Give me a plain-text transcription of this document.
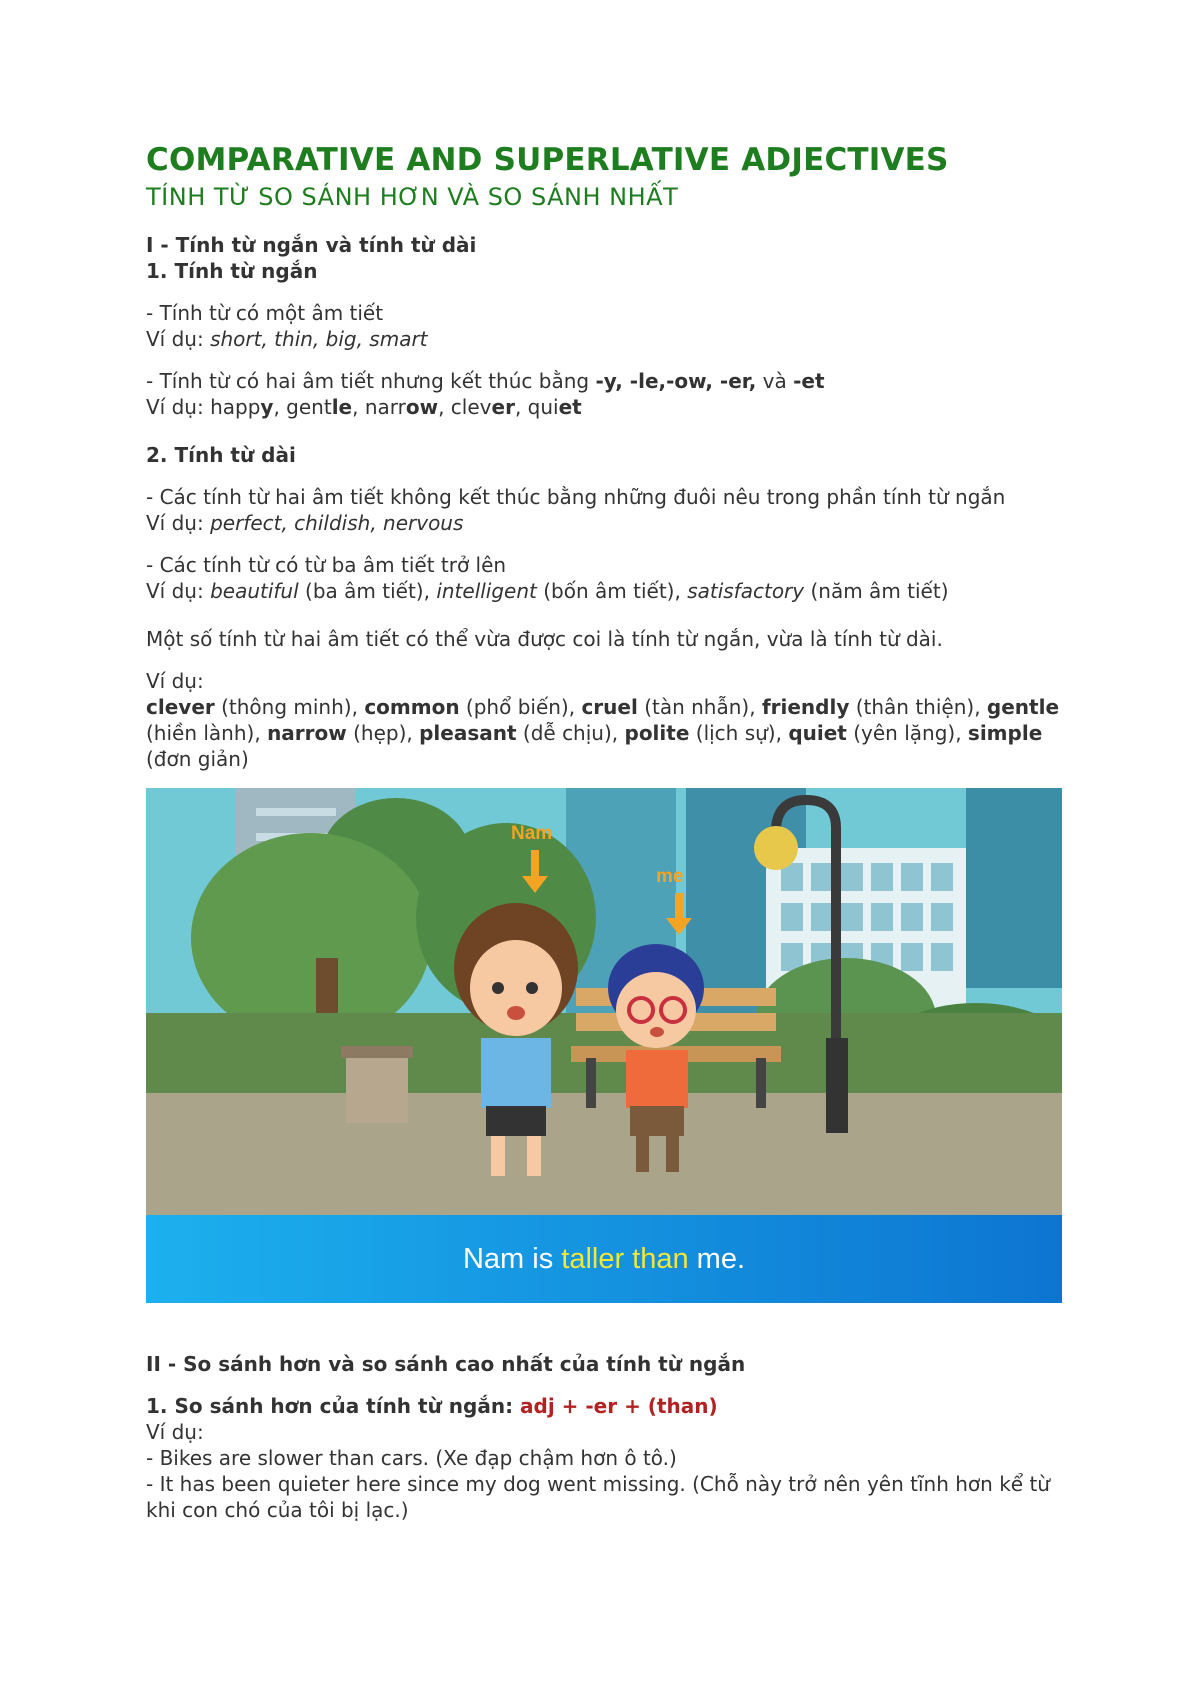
COMPARATIVE AND SUPERLATIVE ADJECTIVES
TÍNH TỪ SO SÁNH HƠN VÀ SO SÁNH NHẤT

I - Tính từ ngắn và tính từ dài

1. Tính từ ngắn

- Tính từ có một âm tiết

Ví dụ: short, thin, big, smart

- Tính từ có hai âm tiết nhưng kết thúc bằng -y, -le,-ow, -er, và -et

Ví dụ: happy, gentle, narrow, clever, quiet

2. Tính từ dài

- Các tính từ hai âm tiết không kết thúc bằng những đuôi nêu trong phần tính từ ngắn

Ví dụ: perfect, childish, nervous

- Các tính từ có từ ba âm tiết trở lên

Ví dụ: beautiful (ba âm tiết), intelligent (bốn âm tiết), satisfactory (năm âm tiết)

Một số tính từ hai âm tiết có thể vừa được coi là tính từ ngắn, vừa là tính từ dài.

Ví dụ:

clever (thông minh), common (phổ biến), cruel (tàn nhẫn), friendly (thân thiện), gentle (hiền lành), narrow (hẹp), pleasant (dễ chịu), polite (lịch sự), quiet (yên lặng), simple (đơn giản)

Nam
me
Nam is taller than me.

II - So sánh hơn và so sánh cao nhất của tính từ ngắn

1. So sánh hơn của tính từ ngắn: adj + -er + (than)

Ví dụ:

- Bikes are slower than cars. (Xe đạp chậm hơn ô tô.)

- It has been quieter here since my dog went missing. (Chỗ này trở nên yên tĩnh hơn kể từ khi con chó của tôi bị lạc.)
